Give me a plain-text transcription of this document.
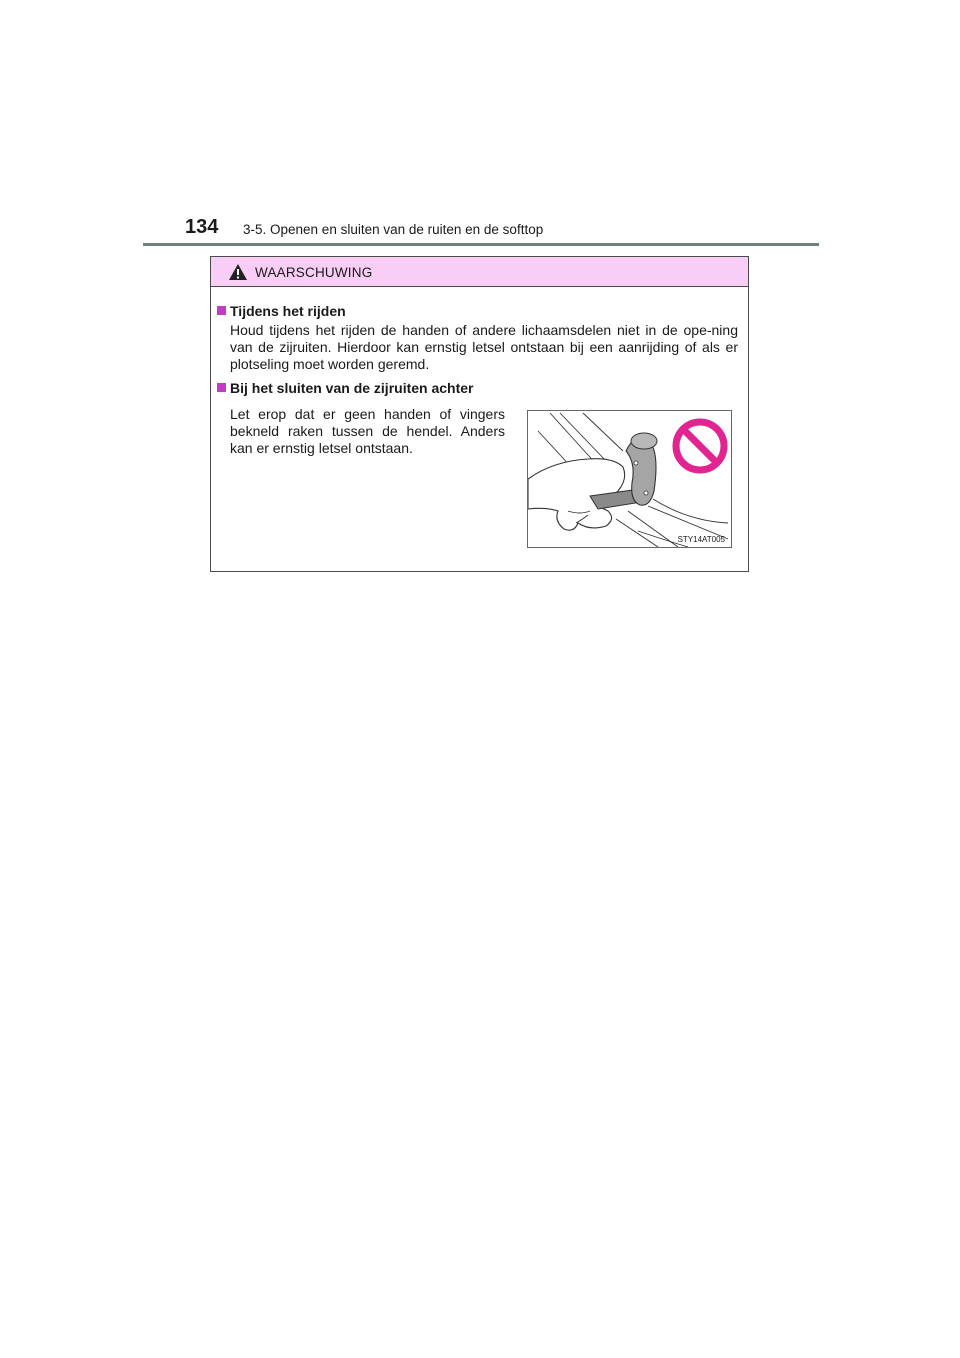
134 3-5. Openen en sluiten van de ruiten en de softtop
WAARSCHUWING
Tijdens het rijden
Houd tijdens het rijden de handen of andere lichaamsdelen niet in de ope-ning van de zijruiten. Hierdoor kan ernstig letsel ontstaan bij een aanrijding of als er plotseling moet worden geremd.
Bij het sluiten van de zijruiten achter
Let erop dat er geen handen of vingers bekneld raken tussen de hendel. Anders kan er ernstig letsel ontstaan.
STY14AT005
